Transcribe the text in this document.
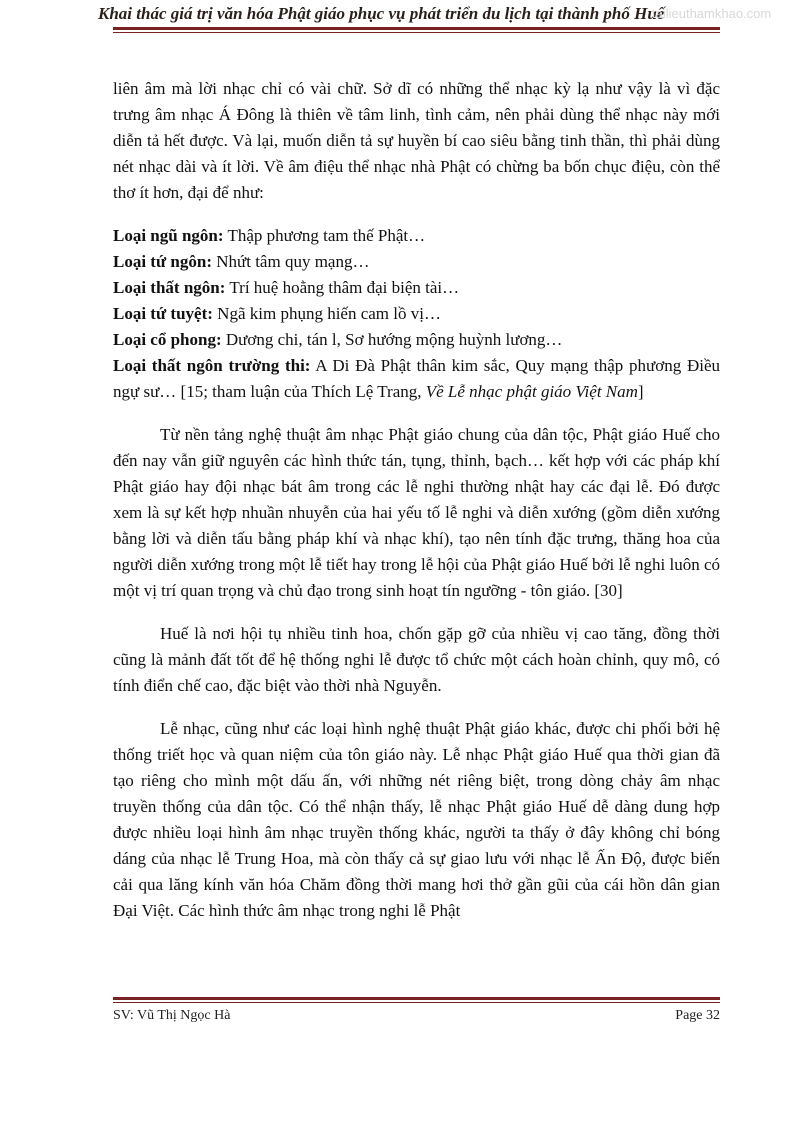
Khai thác giá trị văn hóa Phật giáo phục vụ phát triển du lịch tại thành phố Huế
tailieuthamkhao.com

liên âm mà lời nhạc chỉ có vài chữ. Sở dĩ có những thể nhạc kỳ lạ như vậy là vì đặc trưng âm nhạc Á Đông là thiên về tâm linh, tình cảm, nên phải dùng thể nhạc này mới diễn tả hết được. Và lại, muốn diễn tả sự huyền bí cao siêu bằng tinh thần, thì phải dùng nét nhạc dài và ít lời. Về âm điệu thể nhạc nhà Phật có chừng ba bốn chục điệu, còn thể thơ ít hơn, đại để như:

Loại ngũ ngôn: Thập phương tam thế Phật…

Loại tứ ngôn: Nhứt tâm quy mạng…

Loại thất ngôn: Trí huệ hoằng thâm đại biện tài…

Loại tứ tuyệt: Ngã kim phụng hiến cam lồ vị…

Loại cổ phong: Dương chi, tán l, Sơ hướng mộng huỳnh lương…

Loại thất ngôn trường thi: A Di Đà Phật thân kim sắc, Quy mạng thập phương Điều ngự sư… [15; tham luận của Thích Lệ Trang, Về Lễ nhạc phật giáo Việt Nam]

Từ nền tảng nghệ thuật âm nhạc Phật giáo chung của dân tộc, Phật giáo Huế cho đến nay vẫn giữ nguyên các hình thức tán, tụng, thỉnh, bạch… kết hợp với các pháp khí Phật giáo hay đội nhạc bát âm trong các lễ nghi thường nhật hay các đại lễ. Đó được xem là sự kết hợp nhuần nhuyễn của hai yếu tố lễ nghi và diễn xướng (gồm diễn xướng bằng lời và diễn tấu bằng pháp khí và nhạc khí), tạo nên tính đặc trưng, thăng hoa của người diễn xướng trong một lễ tiết hay trong lễ hội của Phật giáo Huế bởi lễ nghi luôn có một vị trí quan trọng và chủ đạo trong sinh hoạt tín ngưỡng - tôn giáo. [30]

Huế là nơi hội tụ nhiều tinh hoa, chốn gặp gỡ của nhiều vị cao tăng, đồng thời cũng là mảnh đất tốt để hệ thống nghi lễ được tổ chức một cách hoàn chỉnh, quy mô, có tính điển chế cao, đặc biệt vào thời nhà Nguyễn.

Lễ nhạc, cũng như các loại hình nghệ thuật Phật giáo khác, được chi phối bởi hệ thống triết học và quan niệm của tôn giáo này. Lễ nhạc Phật giáo Huế qua thời gian đã tạo riêng cho mình một dấu ấn, với những nét riêng biệt, trong dòng chảy âm nhạc truyền thống của dân tộc. Có thể nhận thấy, lễ nhạc Phật giáo Huế dễ dàng dung hợp được nhiều loại hình âm nhạc truyền thống khác, người ta thấy ở đây không chỉ bóng dáng của nhạc lễ Trung Hoa, mà còn thấy cả sự giao lưu với nhạc lễ Ấn Độ, được biến cải qua lăng kính văn hóa Chăm đồng thời mang hơi thở gần gũi của cái hồn dân gian Đại Việt. Các hình thức âm nhạc trong nghi lễ Phật

SV: Vũ Thị Ngọc Hà	Page 32
